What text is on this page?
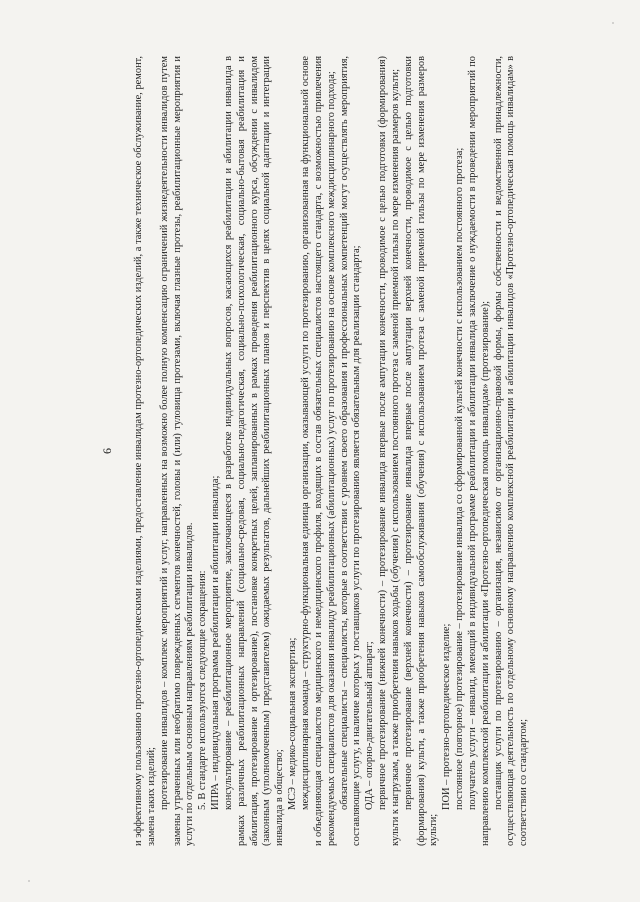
6 и эффективному пользованию протезно-ортопедическими изделиями, предоставление инвалидам протезно-ортопедических изделий, а также техническое обслуживание, ремонт, замена таких изделий; протезирование инвалидов – комплекс мероприятий и услуг, направленных на возможно более полную компенсацию ограничений жизнедеятельности инвалидов путем замены утраченных или необратимо поврежденных сегментов конечностей, головы и (или) туловища протезами, включая глазные протезы, реабилитационные мероприятия и услуги по отдельным основным направлениям реабилитации инвалидов. 5. В стандарте используются следующие сокращения: ИПРА – индивидуальная программа реабилитации и абилитации инвалида; консультирование – реабилитационное мероприятие, заключающееся в разработке индивидуальных вопросов, касающихся реабилитации и абилитации инвалида в рамках различных реабилитационных направлений (социально-средовая, социально-педагогическая, социально-психологическая, социально-бытовая реабилитация и абилитация, протезирование и ортезирование), постановке конкретных целей, запланированных в рамках проведения реабилитационного курса, обсуждении с инвалидом (законным (уполномоченным) представителем) ожидаемых результатов, дальнейших реабилитационных планов и перспектив в целях социальной адаптации и интеграции инвалида в общество; МСЭ – медико-социальная экспертиза; междисциплинарная команда – структурно-функциональная единица организации, оказывающей услуги по протезированию, организованная на функциональной основе и объединяющая специалистов медицинского и немедицинского профиля, входящих в состав обязательных специалистов настоящего стандарта, с возможностью привлечения рекомендуемых специалистов для оказания инвалиду реабилитационных (абилитационных) услуг по протезированию на основе комплексного междисциплинарного подхода; обязательные специалисты – специалисты, которые в соответствии с уровнем своего образования и профессиональных компетенций могут осуществлять мероприятия, составляющие услугу, и наличие которых у поставщиков услуги по протезированию является обязательным для реализации стандарта; ОДА – опорно-двигательный аппарат; первичное протезирование (нижней конечности) – протезирование инвалида впервые после ампутации конечности, проводимое с целью подготовки (формирования) культи к нагрузкам, а также приобретения навыков ходьбы (обучения) с использованием постоянного протеза с заменой приемной гильзы по мере изменения размеров культи; первичное протезирование (верхней конечности) – протезирование инвалида впервые после ампутации верхней конечности, проводимое с целью подготовки (формирования) культи, а также приобретения навыков самообслуживания (обучения) с использованием протеза с заменой приемной гильзы по мере изменения размеров культи;

ПОИ – протезно-ортопедическое изделие; постоянное (повторное) протезирование – протезирование инвалида со сформированной культей конечности с использованием постоянного протеза; получатель услуги – инвалид, имеющий в индивидуальной программе реабилитации и абилитации инвалида заключение о нуждаемости в проведении мероприятий по направлению комплексной реабилитации и абилитации «Протезно-ортопедическая помощь инвалидам» (протезирование); поставщик услуги по протезированию – организация, независимо от организационно-правовой формы, формы собственности и ведомственной принадлежности, осуществляющая деятельность по отдельному основному направлению комплексной реабилитации и абилитации инвалидов «Протезно-ортопедическая помощь инвалидам» в соответствии со стандартом;
